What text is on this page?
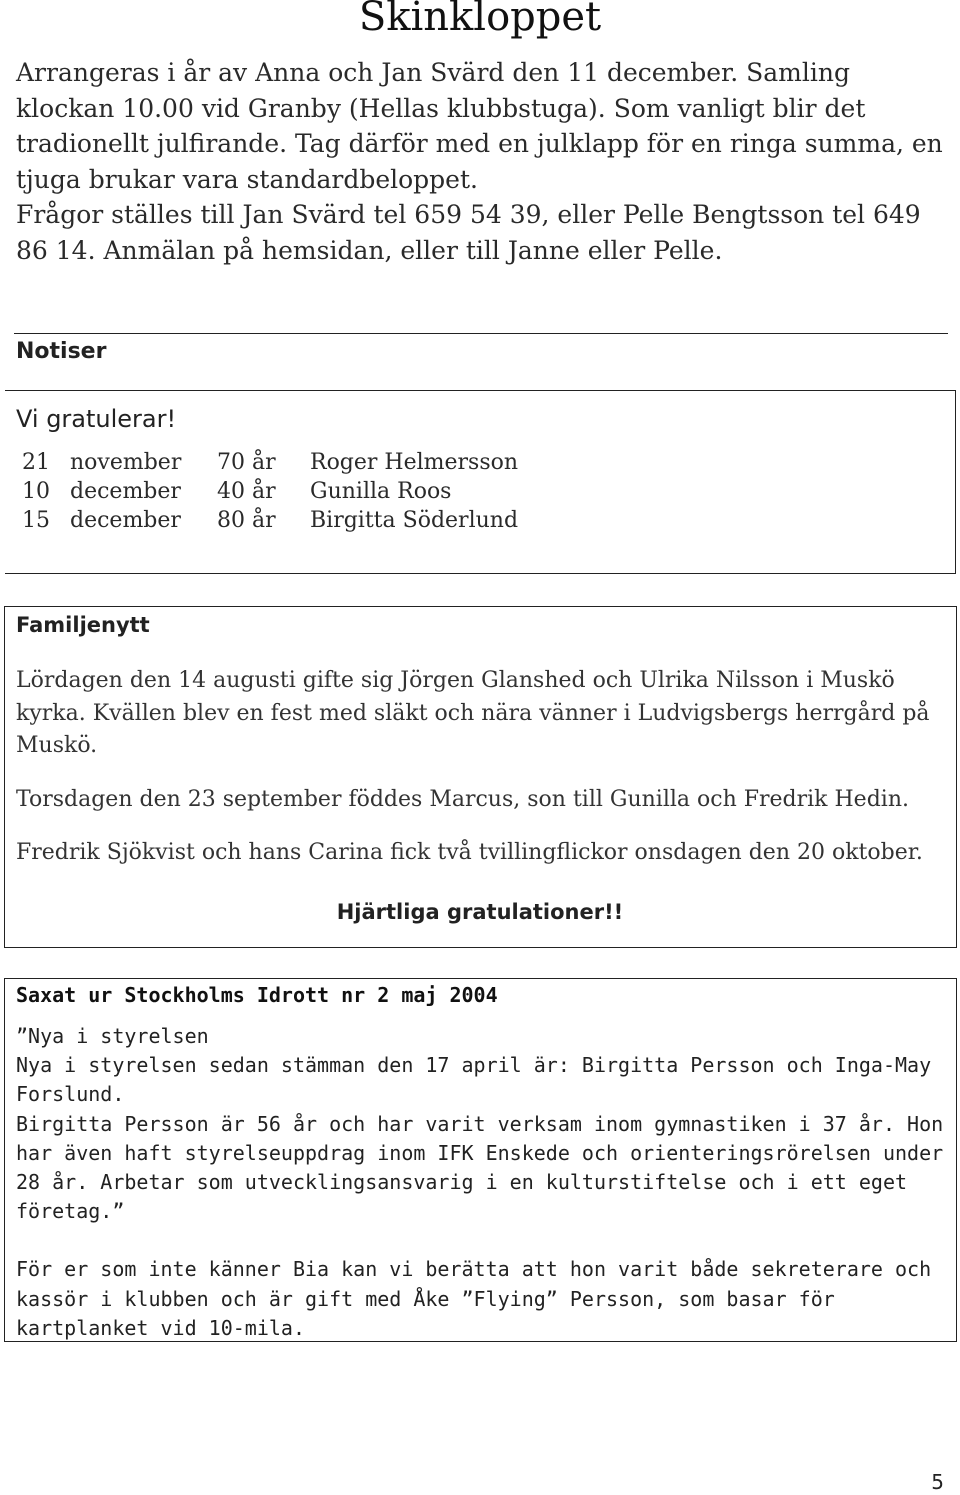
Skinkloppet

Arrangeras i år av Anna och Jan Svärd den 11 december. Samling klockan 10.00 vid Granby (Hellas klubbstuga). Som vanligt blir det tradionellt julfirande. Tag därför med en julklapp för en ringa summa, en tjuga brukar vara standardbeloppet.

Frågor ställes till Jan Svärd tel 659 54 39, eller Pelle Bengtsson tel 649 86 14. Anmälan på hemsidan, eller till Janne eller Pelle.

Notiser
Vi gratulerar!
21 november 70 år Roger Helmersson
10 december 40 år Gunilla Roos
15 december 80 år Birgitta Söderlund
Familjenytt

Lördagen den 14 augusti gifte sig Jörgen Glanshed och Ulrika Nilsson i Muskö kyrka. Kvällen blev en fest med släkt och nära vänner i Ludvigsbergs herrgård på Muskö.

Torsdagen den 23 september föddes Marcus, son till Gunilla och Fredrik Hedin.

Fredrik Sjökvist och hans Carina fick två tvillingflickor onsdagen den 20 oktober.

Hjärtliga gratulationer!!
Saxat ur Stockholms Idrott nr 2 maj 2004

”Nya i styrelsen

Nya i styrelsen sedan stämman den 17 april är: Birgitta Persson och Inga-May Forslund.

Birgitta Persson är 56 år och har varit verksam inom gymnastiken i 37 år. Hon har även haft styrelseuppdrag inom IFK Enskede och orienteringsrörelsen under 28 år. Arbetar som utvecklingsansvarig i en kulturstiftelse och i ett eget företag.”

För er som inte känner Bia kan vi berätta att hon varit både sekreterare och kassör i klubben och är gift med Åke ”Flying” Persson, som basar för kartplanket vid 10-mila.

5
